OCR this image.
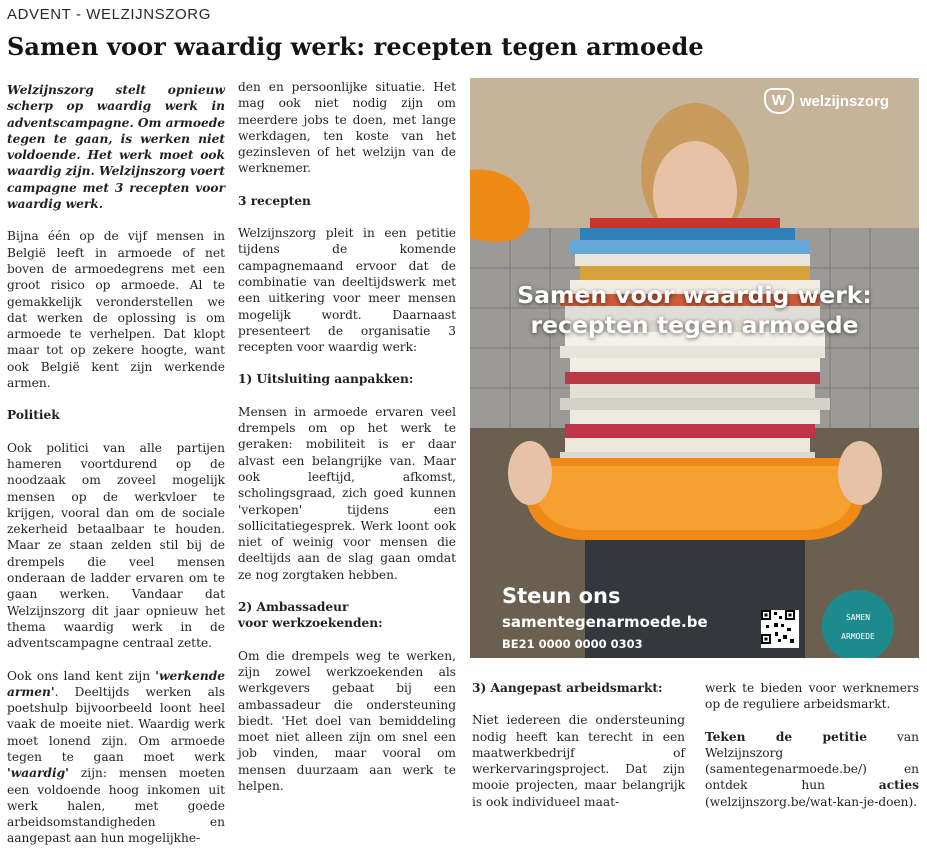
ADVENT - WELZIJNSZORG
Samen voor waardig werk: recepten tegen armoede

Welzijnszorg stelt opnieuw scherp op waardig werk in adventscampagne. Om armoede tegen te gaan, is werken niet voldoende. Het werk moet ook waardig zijn. Welzijnszorg voert campagne met 3 recepten voor waardig werk.

Bijna één op de vijf mensen in België leeft in armoede of net boven de armoedegrens met een groot risico op armoede. Al te gemakkelijk veronderstellen we dat werken de oplossing is om armoede te verhelpen. Dat klopt maar tot op zekere hoogte, want ook België kent zijn werkende armen.

Politiek

Ook politici van alle partijen hameren voortdurend op de noodzaak om zoveel mogelijk mensen op de werkvloer te krijgen, vooral dan om de sociale zekerheid betaalbaar te houden. Maar ze staan zelden stil bij de drempels die veel mensen onderaan de ladder ervaren om te gaan werken. Vandaar dat Welzijnszorg dit jaar opnieuw het thema waardig werk in de adventscampagne centraal zette.

Ook ons land kent zijn 'werkende armen'. Deeltijds werken als poetshulp bijvoorbeeld loont heel vaak de moeite niet. Waardig werk moet lonend zijn. Om armoede tegen te gaan moet werk 'waardig' zijn: mensen moeten een voldoende hoog inkomen uit werk halen, met goede arbeidsomstandigheden en aangepast aan hun mogelijkhe-

den en persoonlijke situatie. Het mag ook niet nodig zijn om meerdere jobs te doen, met lange werkdagen, ten koste van het gezinsleven of het welzijn van de werknemer.

3 recepten

Welzijnszorg pleit in een petitie tijdens de komende campagnemaand ervoor dat de combinatie van deeltijdswerk met een uitkering voor meer mensen mogelijk wordt. Daarnaast presenteert de organisatie 3 recepten voor waardig werk:

1) Uitsluiting aanpakken:

Mensen in armoede ervaren veel drempels om op het werk te geraken: mobiliteit is er daar alvast een belangrijke van. Maar ook leeftijd, afkomst, scholingsgraad, zich goed kunnen 'verkopen' tijdens een sollicitatiegesprek. Werk loont ook niet of weinig voor mensen die deeltijds aan de slag gaan omdat ze nog zorgtaken hebben.

2) Ambassadeur
voor werkzoekenden:

Om die drempels weg te werken, zijn zowel werkzoekenden als werkgevers gebaat bij een ambassadeur die ondersteuning biedt. 'Het doel van bemiddeling moet niet alleen zijn om snel een job vinden, maar vooral om mensen duurzaam aan werk te helpen.

W welzijnszorg
Samen voor waardig werk:
recepten tegen armoede
Steun ons
samentegenarmoede.be
BE21 0000 0000 0303
SAMEN
ARMOEDE
3) Aangepast arbeidsmarkt:

Niet iedereen die ondersteuning nodig heeft kan terecht in een maatwerkbedrijf of werkervaringsproject. Dat zijn mooie projecten, maar belangrijk is ook individueel maat-

werk te bieden voor werknemers op de reguliere arbeidsmarkt.

Teken de petitie van Welzijnszorg (samentegenarmoede.be/) en ontdek hun acties (welzijnszorg.be/wat-kan-je-doen).
